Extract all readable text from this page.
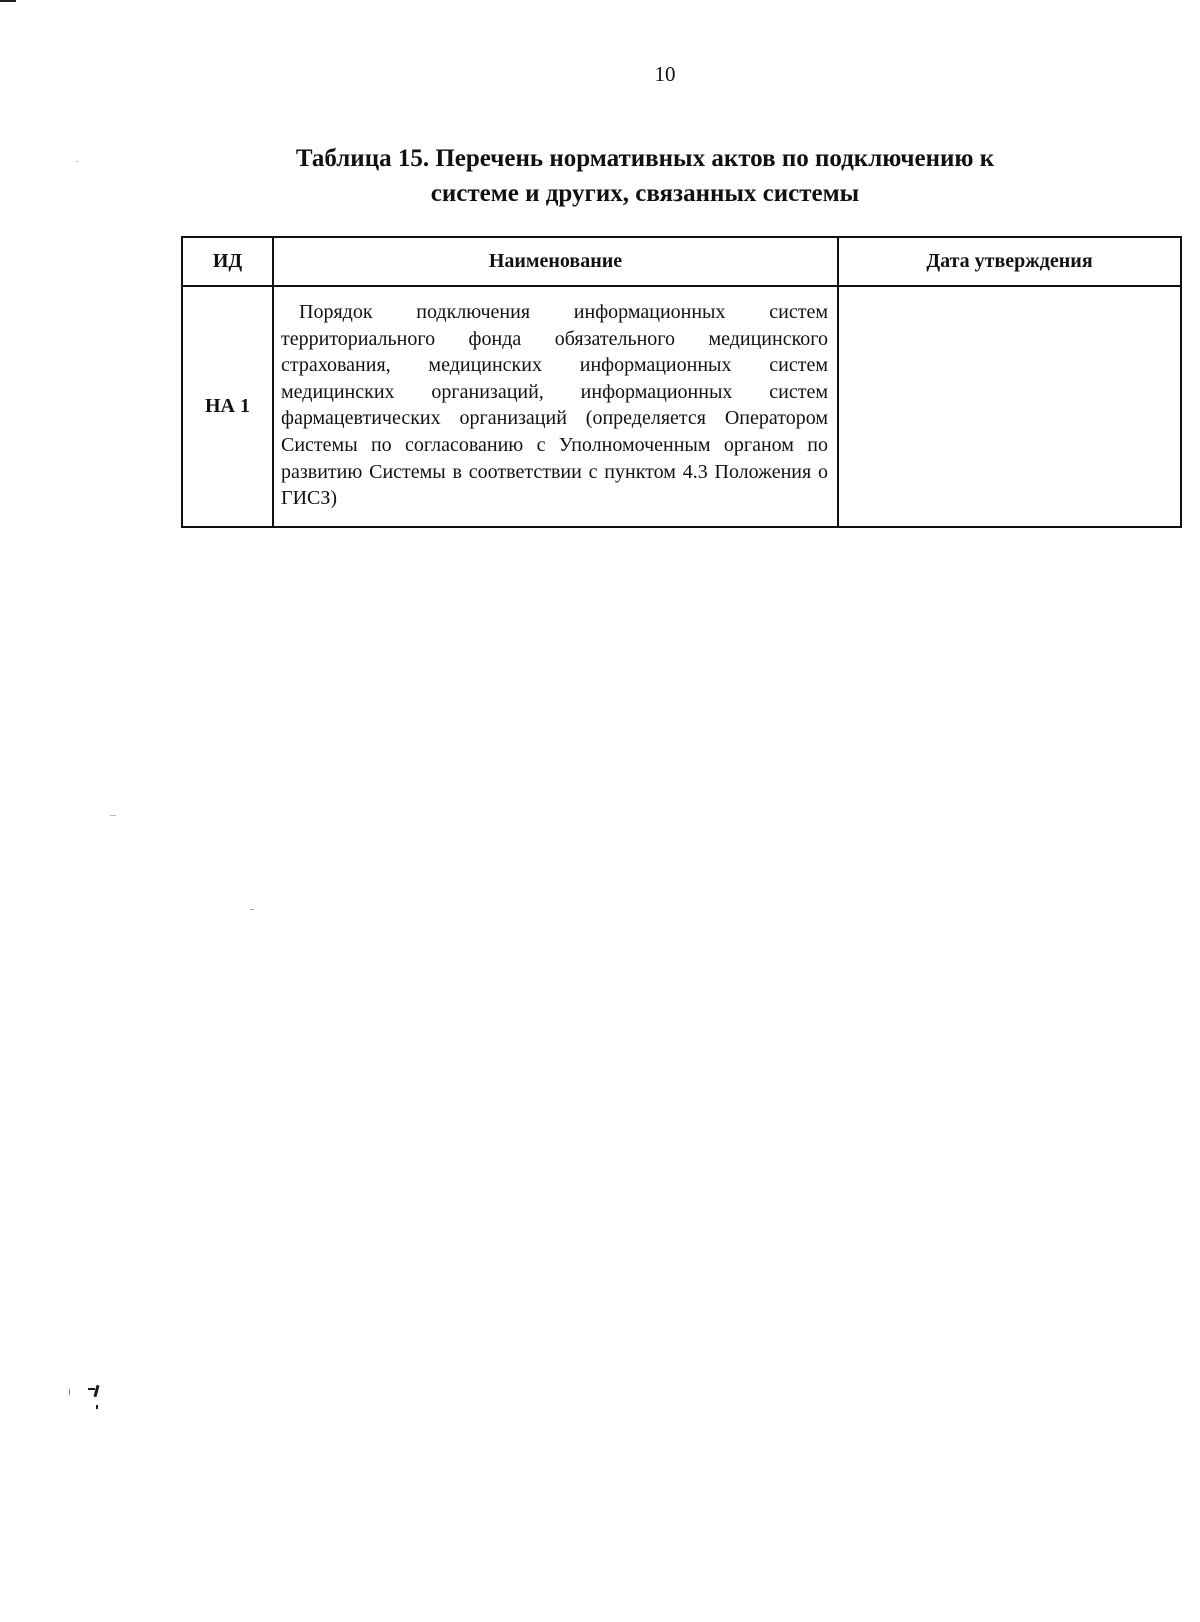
10
Таблица 15. Перечень нормативных актов по подключению к
системе и других, связанных системы
ИД	Наименование	Дата утверждения
НА 1	Порядок подключения информационных систем территориального фонда обязательного медицинского страхования, медицинских информационных систем медицинских организаций, информационных систем фармацевтических организаций (определяется Оператором Системы по согласованию с Уполномоченным органом по развитию Системы в соответствии с пунктом 4.3 Положения о ГИСЗ)	
